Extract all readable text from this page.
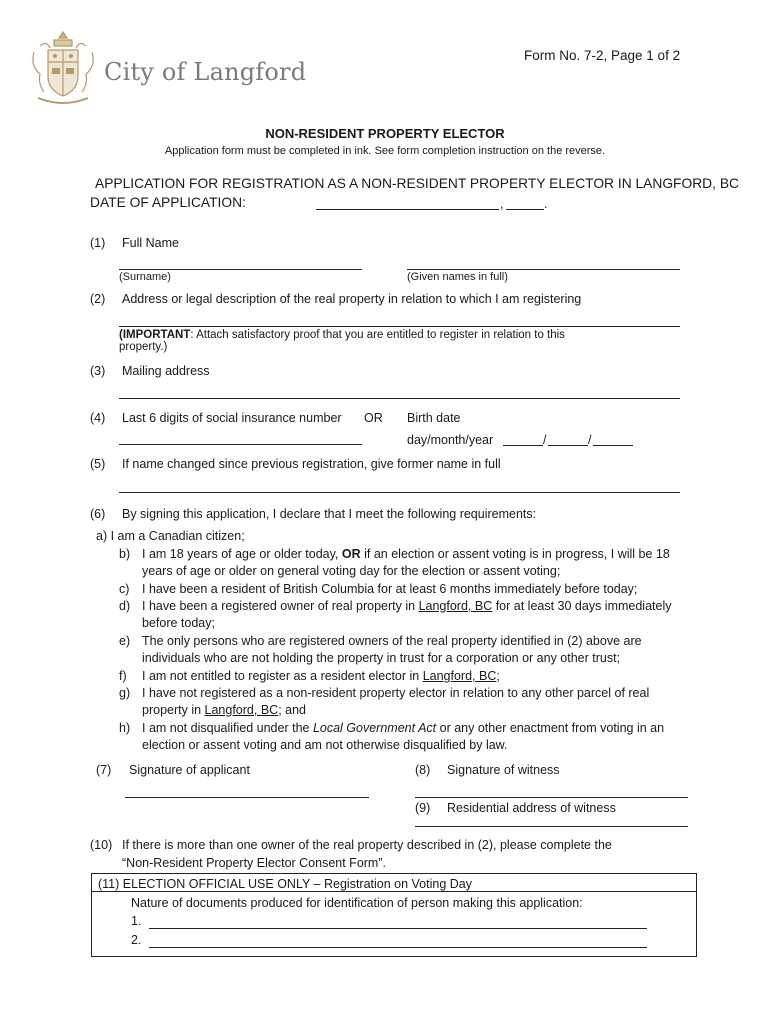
City of Langford
Form No. 7-2, Page 1 of 2
NON-RESIDENT PROPERTY ELECTOR
Application form must be completed in ink. See form completion instruction on the reverse.
APPLICATION FOR REGISTRATION AS A NON-RESIDENT PROPERTY ELECTOR IN LANGFORD, BC
DATE OF APPLICATION:	,	.
(1) Full Name
(Surname)	(Given names in full)
(2) Address or legal description of the real property in relation to which I am registering
(IMPORTANT: Attach satisfactory proof that you are entitled to register in relation to this
property.)
(3) Mailing address
(4) Last 6 digits of social insurance number OR Birth date
day/month/year	/	/
(5) If name changed since previous registration, give former name in full
(6) By signing this application, I declare that I meet the following requirements:
a) I am a Canadian citizen;
b) I am 18 years of age or older today, OR if an election or assent voting is in progress, I will be 18
years of age or older on general voting day for the election or assent voting;
c) I have been a resident of British Columbia for at least 6 months immediately before today;
d) I have been a registered owner of real property in Langford, BC for at least 30 days immediately
before today;
e) The only persons who are registered owners of the real property identified in (2) above are
individuals who are not holding the property in trust for a corporation or any other trust;
f) I am not entitled to register as a resident elector in Langford, BC;
g) I have not registered as a non-resident property elector in relation to any other parcel of real
property in Langford, BC; and
h) I am not disqualified under the Local Government Act or any other enactment from voting in an
election or assent voting and am not otherwise disqualified by law.
(7) Signature of applicant	(8) Signature of witness
(9) Residential address of witness
(10) If there is more than one owner of the real property described in (2), please complete the
“Non-Resident Property Elector Consent Form”.
(11) ELECTION OFFICIAL USE ONLY – Registration on Voting Day
Nature of documents produced for identification of person making this application:
1.
2.
